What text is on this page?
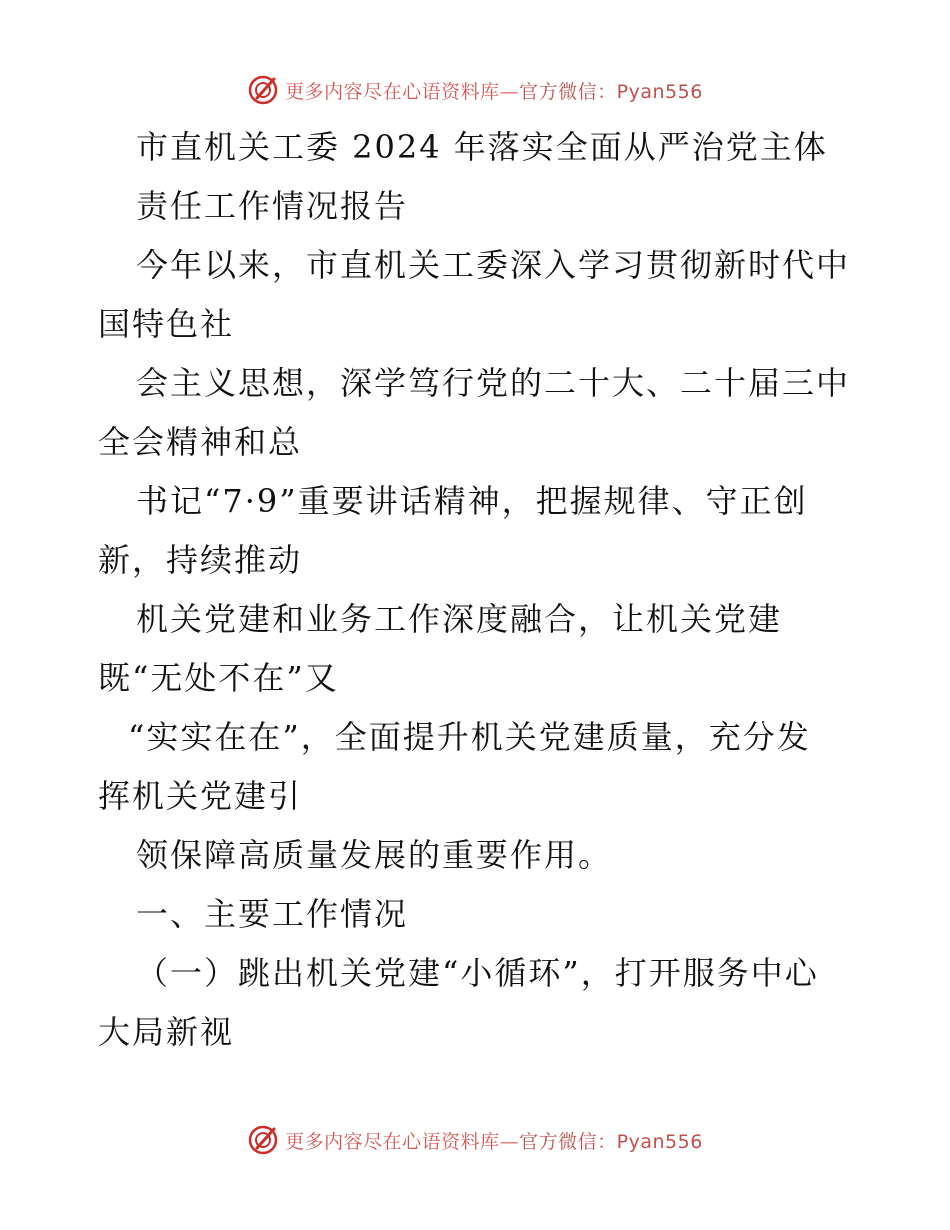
更多内容尽在心语资料库—官方微信：Pyan556
市直机关工委 2024 年落实全面从严治党主体
责任工作情况报告
今年以来，市直机关工委深入学习贯彻新时代中
国特色社
会主义思想，深学笃行党的二十大、二十届三中
全会精神和总
书记“7·9”重要讲话精神，把握规律、守正创
新，持续推动
机关党建和业务工作深度融合，让机关党建
既“无处不在”又
“实实在在”，全面提升机关党建质量，充分发
挥机关党建引
领保障高质量发展的重要作用。
一、主要工作情况
（一）跳出机关党建“小循环”，打开服务中心
大局新视
更多内容尽在心语资料库—官方微信：Pyan556
